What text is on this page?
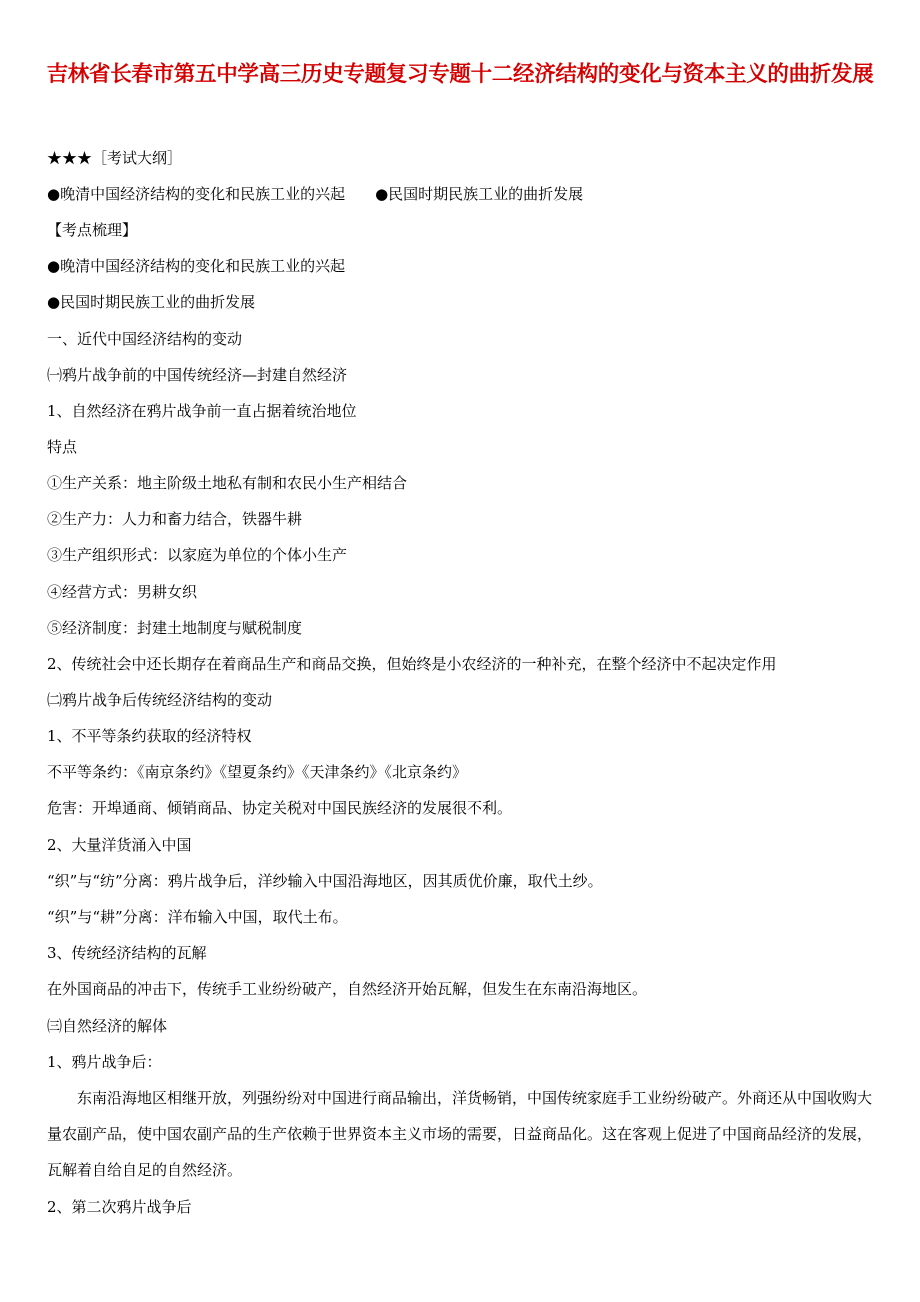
吉林省长春市第五中学高三历史专题复习专题十二经济结构的变化与资本主义的曲折发展
★★★［考试大纲］
●晚清中国经济结构的变化和民族工业的兴起 ●民国时期民族工业的曲折发展
【考点梳理】
●晚清中国经济结构的变化和民族工业的兴起
●民国时期民族工业的曲折发展
一、近代中国经济结构的变动
㈠鸦片战争前的中国传统经济—封建自然经济
1、自然经济在鸦片战争前一直占据着统治地位
特点
①生产关系：地主阶级土地私有制和农民小生产相结合
②生产力：人力和畜力结合，铁器牛耕
③生产组织形式：以家庭为单位的个体小生产
④经营方式：男耕女织
⑤经济制度：封建土地制度与赋税制度
2、传统社会中还长期存在着商品生产和商品交换，但始终是小农经济的一种补充，在整个经济中不起决定作用
㈡鸦片战争后传统经济结构的变动
1、不平等条约获取的经济特权
不平等条约：《南京条约》《望夏条约》《天津条约》《北京条约》
危害：开埠通商、倾销商品、协定关税对中国民族经济的发展很不利。
2、大量洋货涌入中国
“织”与“纺”分离：鸦片战争后，洋纱输入中国沿海地区，因其质优价廉，取代土纱。
“织”与“耕”分离：洋布输入中国，取代土布。
3、传统经济结构的瓦解
在外国商品的冲击下，传统手工业纷纷破产，自然经济开始瓦解，但发生在东南沿海地区。
㈢自然经济的解体
1、鸦片战争后：
东南沿海地区相继开放，列强纷纷对中国进行商品输出，洋货畅销，中国传统家庭手工业纷纷破产。外商还从中国收购大量农副产品，使中国农副产品的生产依赖于世界资本主义市场的需要，日益商品化。这在客观上促进了中国商品经济的发展，瓦解着自给自足的自然经济。
2、第二次鸦片战争后
